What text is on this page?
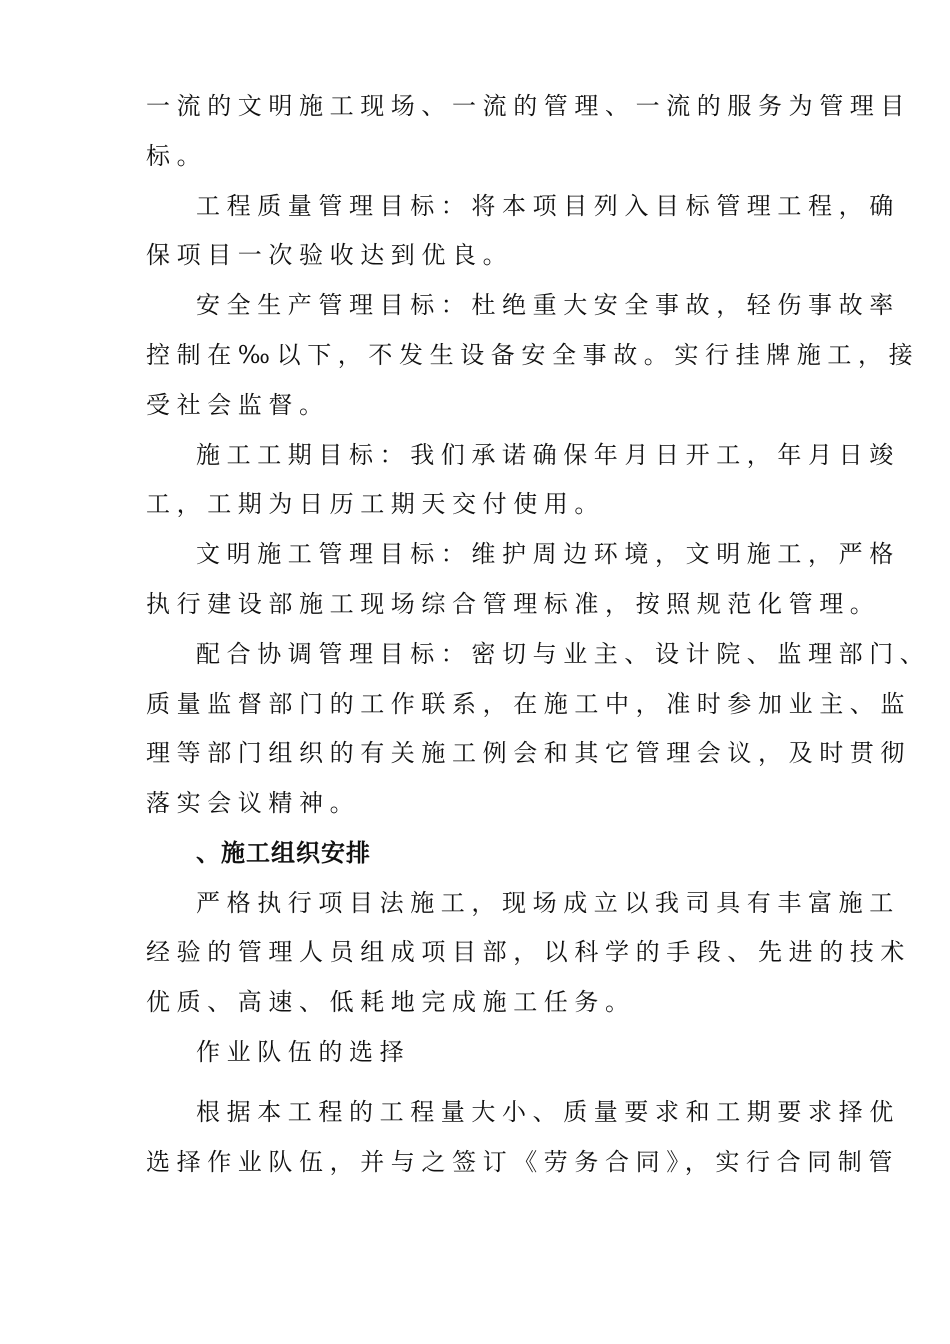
一流的文明施工现场、一流的管理、一流的服务为管理目
标。
工程质量管理目标：将本项目列入目标管理工程，确
保项目一次验收达到优良。
安全生产管理目标：杜绝重大安全事故，轻伤事故率
控制在‰以下，不发生设备安全事故。实行挂牌施工，接
受社会监督。
施工工期目标：我们承诺确保年月日开工，年月日竣
工，工期为日历工期天交付使用。
文明施工管理目标：维护周边环境，文明施工，严格
执行建设部施工现场综合管理标准，按照规范化管理。
配合协调管理目标：密切与业主、设计院、监理部门、
质量监督部门的工作联系，在施工中，准时参加业主、监
理等部门组织的有关施工例会和其它管理会议，及时贯彻
落实会议精神。
、施工组织安排
严格执行项目法施工，现场成立以我司具有丰富施工
经验的管理人员组成项目部，以科学的手段、先进的技术
优质、高速、低耗地完成施工任务。
作业队伍的选择
根据本工程的工程量大小、质量要求和工期要求择优
选择作业队伍，并与之签订《劳务合同》，实行合同制管
